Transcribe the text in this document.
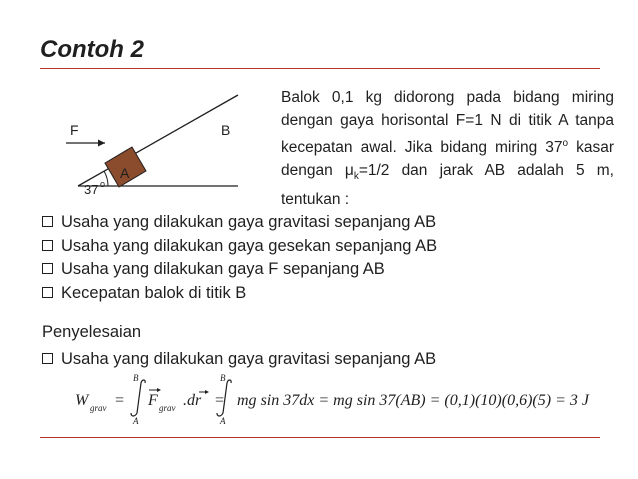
Contoh 2
F	B
A
37 o
Balok 0,1 kg didorong pada bidang miring dengan gaya horisontal F=1 N di titik A tanpa kecepatan awal. Jika bidang miring 37$^o$ kasar dengan $\mu_k=1/2$ dan jarak AB adalah 5 m, tentukan :
Usaha yang dilakukan gaya gravitasi sepanjang AB
Usaha yang dilakukan gaya gesekan sepanjang AB
Usaha yang dilakukan gaya F sepanjang AB
Kecepatan balok di titik B
Penyelesaian
Usaha yang dilakukan gaya gravitasi sepanjang AB
W grav =
B
A
F grav .dr =
B
A
mg sin 37dx = mg sin 37(AB) = (0,1)(10)(0,6)(5) = 3 J
